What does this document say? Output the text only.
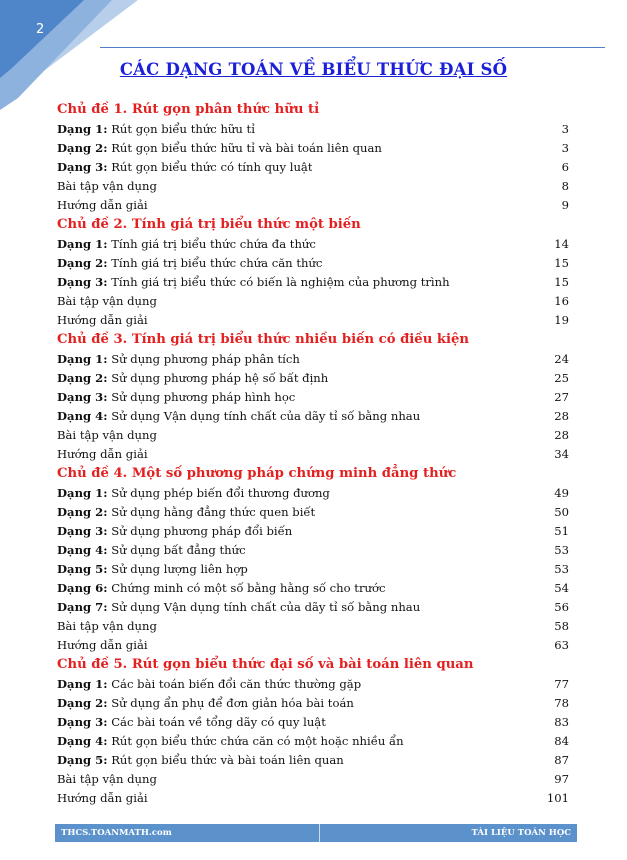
2
CÁC DẠNG TOÁN VỀ BIỂU THỨC ĐẠI SỐ
Chủ đề 1. Rút gọn phân thức hữu tỉ
Dạng 1: Rút gọn biểu thức hữu tỉ	3
Dạng 2: Rút gọn biểu thức hữu tỉ và bài toán liên quan	3
Dạng 3: Rút gọn biểu thức có tính quy luật	6
Bài tập vận dụng	8
Hướng dẫn giải	9
Chủ đề 2. Tính giá trị biểu thức một biến
Dạng 1: Tính giá trị biểu thức chứa đa thức	14
Dạng 2: Tính giá trị biểu thức chứa căn thức	15
Dạng 3: Tính giá trị biểu thức có biến là nghiệm của phương trình	15
Bài tập vận dụng	16
Hướng dẫn giải	19
Chủ đề 3. Tính giá trị biểu thức nhiều biến có điều kiện
Dạng 1: Sử dụng phương pháp phân tích	24
Dạng 2: Sử dụng phương pháp hệ số bất định	25
Dạng 3: Sử dụng phương pháp hình học	27
Dạng 4: Sử dụng Vận dụng tính chất của dãy tỉ số bằng nhau	28
Bài tập vận dụng	28
Hướng dẫn giải	34
Chủ đề 4. Một số phương pháp chứng minh đẳng thức
Dạng 1: Sử dụng phép biến đổi thương đương	49
Dạng 2: Sử dụng hằng đẳng thức quen biết	50
Dạng 3: Sử dụng phương pháp đổi biến	51
Dạng 4: Sử dụng bất đẳng thức	53
Dạng 5: Sử dụng lượng liên hợp	53
Dạng 6: Chứng minh có một số bằng hằng số cho trước	54
Dạng 7: Sử dụng Vận dụng tính chất của dãy tỉ số bằng nhau	56
Bài tập vận dụng	58
Hướng dẫn giải	63
Chủ đề 5. Rút gọn biểu thức đại số và bài toán liên quan
Dạng 1: Các bài toán biến đổi căn thức thường gặp	77
Dạng 2: Sử dụng ẩn phụ để đơn giản hóa bài toán	78
Dạng 3: Các bài toán về tổng dãy có quy luật	83
Dạng 4: Rút gọn biểu thức chứa căn có một hoặc nhiều ẩn	84
Dạng 5: Rút gọn biểu thức và bài toán liên quan	87
Bài tập vận dụng	97
Hướng dẫn giải	101
THCS.TOANMATH.com	TÀI LIỆU TOÁN HỌC
